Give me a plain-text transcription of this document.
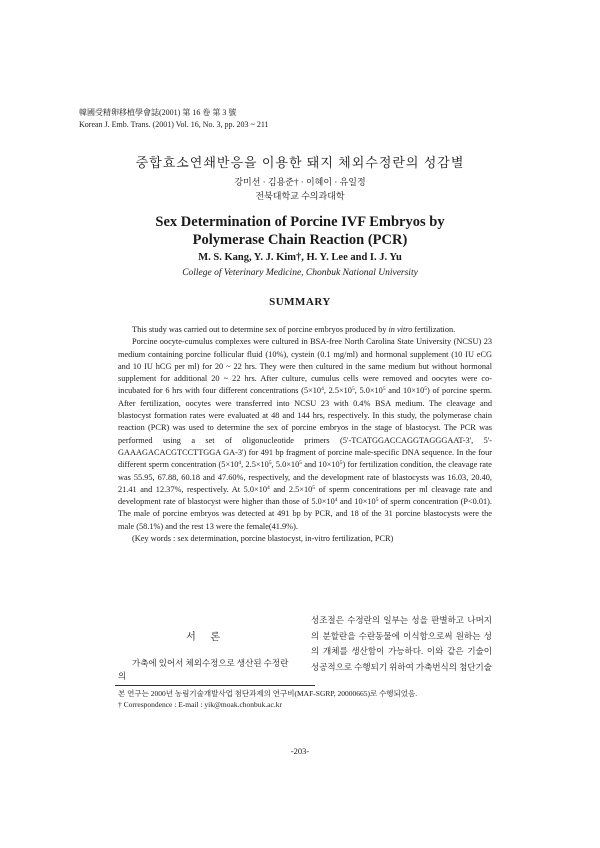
韓國受精卵移植學會誌(2001) 第 16 卷 第 3 號
Korean J. Emb. Trans. (2001) Vol. 16, No. 3, pp. 203 ~ 211
중합효소연쇄반응을 이용한 돼지 체외수정란의 성감별
강미선 · 김용준† · 이혜이 · 유일정
전북대학교 수의과대학
Sex Determination of Porcine IVF Embryos by
Polymerase Chain Reaction (PCR)
M. S. Kang, Y. J. Kim†, H. Y. Lee and I. J. Yu
College of Veterinary Medicine, Chonbuk National University
SUMMARY

This study was carried out to determine sex of porcine embryos produced by in vitro fertilization.

Porcine oocyte-cumulus complexes were cultured in BSA-free North Carolina State University (NCSU) 23 medium containing porcine follicular fluid (10%), cystein (0.1 mg/ml) and hormonal supplement (10 IU eCG and 10 IU hCG per ml) for 20 ~ 22 hrs. They were then cultured in the same medium but without hormonal supplement for additional 20 ~ 22 hrs. After culture, cumulus cells were removed and oocytes were co-incubated for 6 hrs with four different concentrations ($5\times 10^4$, $2.5\times 10^5$, $5.0\times 10^5$ and $10\times 10^5$) of porcine sperm. After fertilization, oocytes were transferred into NCSU 23 with 0.4% BSA medium. The cleavage and blastocyst formation rates were evaluated at 48 and 144 hrs, respectively. In this study, the polymerase chain reaction (PCR) was used to determine the sex of porcine embryos in the stage of blastocyst. The PCR was performed using a set of oligonucleotide primers (5'-TCATGGACCAGGTAGGGAAT-3', 5'-GAAAGACACGTCCTTGGA GA-3') for 491 bp fragment of porcine male-specific DNA sequence. In the four different sperm concentration ($5\times 10^4$, $2.5\times 10^5$, $5.0\times 10^5$ and $10\times 10^5$) for fertilization condition, the cleavage rate was 55.95, 67.88, 60.18 and 47.60%, respectively, and the development rate of blastocysts was 16.03, 20.40, 21.41 and 12.37%, respectively. At $5.0\times 10^4$ and $2.5\times 10^5$ of sperm concentrations per ml cleavage rate and development rate of blastocyst were higher than those of $5.0\times 10^4$ and $10\times 10^5$ of sperm concentration (P<0.01). The male of porcine embryos was detected at 491 bp by PCR, and 18 of the 31 porcine blastocysts were the male (58.1%) and the rest 13 were the female(41.9%).

(Key words : sex determination, porcine blastocyst, in-vitro fertilization, PCR)

서 론
가축에 있어서 체외수정으로 생산된 수정란의
성조절은 수정란의 일부는 성을 판별하고 나머지의 분할란을 수란동물에 이식함으로써 원하는 성의 개체를 생산함이 가능하다. 이와 같은 기술이 성공적으로 수행되기 위하여 가축번식의 첨단기술
본 연구는 2000년 농림기술개발사업 첨단과제의 연구비(MAF-SGRP, 20000665)로 수행되었음.
† Correspondence : E-mail : yik@moak.chonbuk.ac.kr
-203-
